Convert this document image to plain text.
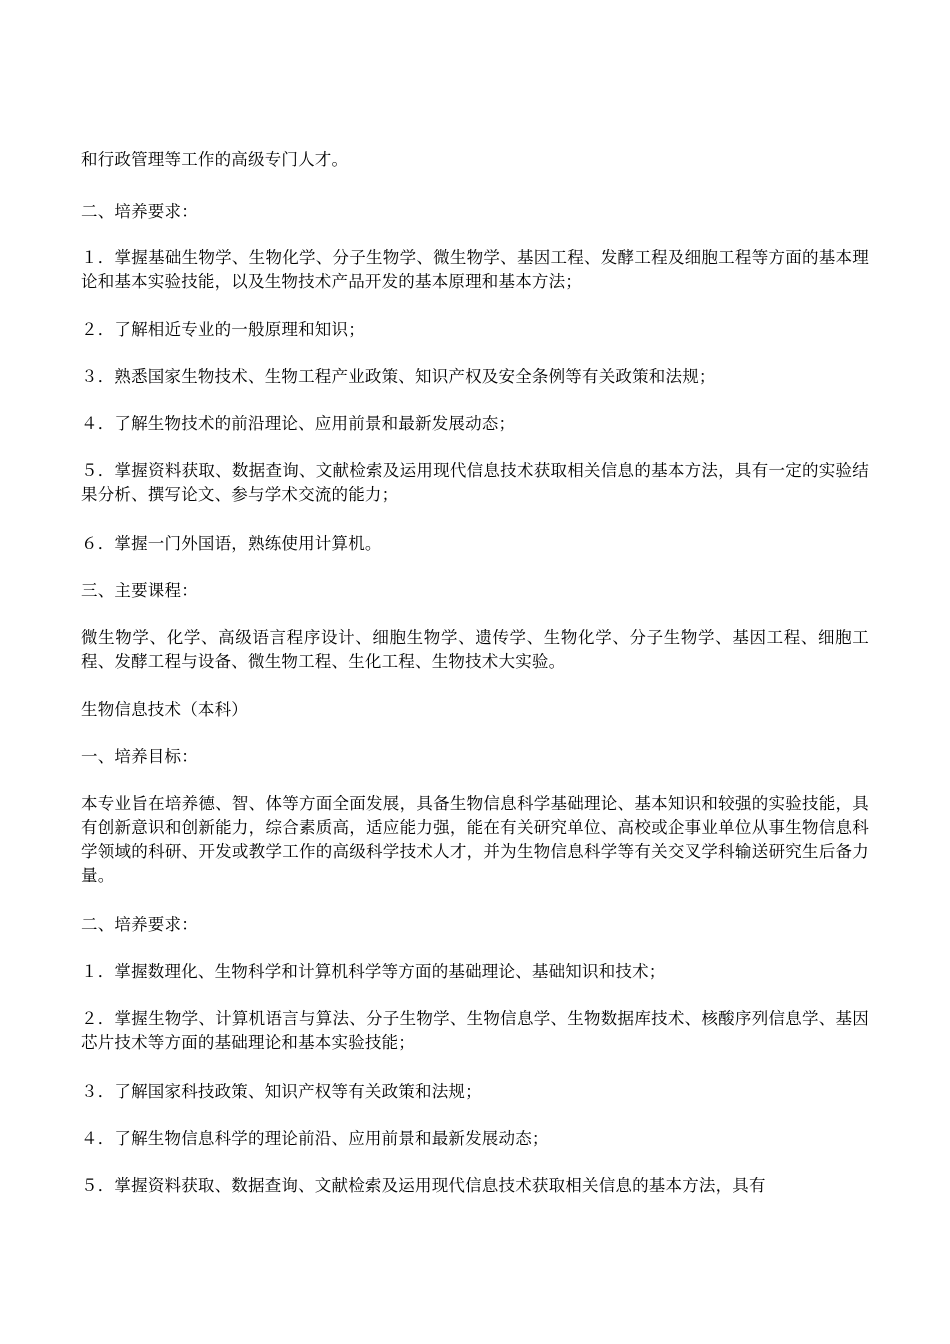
和行政管理等工作的高级专门人才。

二、培养要求：

１．掌握基础生物学、生物化学、分子生物学、微生物学、基因工程、发酵工程及细胞工程等方面的基本理论和基本实验技能，以及生物技术产品开发的基本原理和基本方法；

２．了解相近专业的一般原理和知识；

３．熟悉国家生物技术、生物工程产业政策、知识产权及安全条例等有关政策和法规；

４．了解生物技术的前沿理论、应用前景和最新发展动态；

５．掌握资料获取、数据查询、文献检索及运用现代信息技术获取相关信息的基本方法，具有一定的实验结果分析、撰写论文、参与学术交流的能力；

６．掌握一门外国语，熟练使用计算机。

三、主要课程：

微生物学、化学、高级语言程序设计、细胞生物学、遗传学、生物化学、分子生物学、基因工程、细胞工程、发酵工程与设备、微生物工程、生化工程、生物技术大实验。

生物信息技术（本科）

一、培养目标：

本专业旨在培养德、智、体等方面全面发展，具备生物信息科学基础理论、基本知识和较强的实验技能，具有创新意识和创新能力，综合素质高，适应能力强，能在有关研究单位、高校或企事业单位从事生物信息科学领域的科研、开发或教学工作的高级科学技术人才，并为生物信息科学等有关交叉学科输送研究生后备力量。

二、培养要求：

１．掌握数理化、生物科学和计算机科学等方面的基础理论、基础知识和技术；

２．掌握生物学、计算机语言与算法、分子生物学、生物信息学、生物数据库技术、核酸序列信息学、基因芯片技术等方面的基础理论和基本实验技能；

３．了解国家科技政策、知识产权等有关政策和法规；

４．了解生物信息科学的理论前沿、应用前景和最新发展动态；

５．掌握资料获取、数据查询、文献检索及运用现代信息技术获取相关信息的基本方法，具有
